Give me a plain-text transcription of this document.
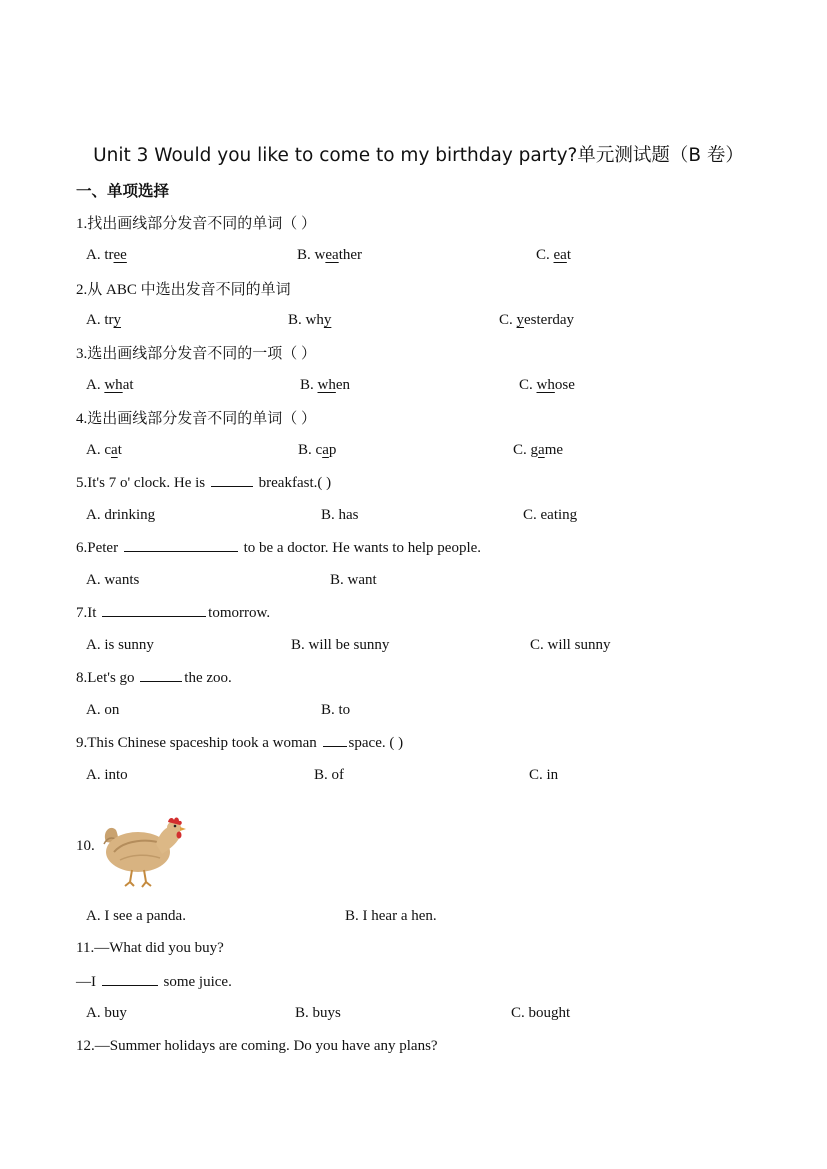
Unit 3 Would you like to come to my birthday party?单元测试题（B 卷）
一、单项选择
1.找出画线部分发音不同的单词（ ）
A. tree	B. weather	C. eat
2.从 ABC 中选出发音不同的单词
A. try	B. why	C. yesterday
3.选出画线部分发音不同的一项（ ）
A. what	B. when	C. whose
4.选出画线部分发音不同的单词（ ）
A. cat	B. cap	C. game
5.It's 7 o' clock. He is	breakfast.( )
A. drinking	B. has	C. eating
6.Peter	to be a doctor. He wants to help people.
A. wants	B. want
7.It	tomorrow.
A. is sunny	B. will be sunny	C. will sunny
8.Let's go	the zoo.
A. on	B. to
9.This Chinese spaceship took a woman space. ( )
A. into	B. of	C. in
10.
A. I see a panda.	B. I hear a hen.
11.—What did you buy?
—I	some juice.
A. buy	B. buys	C. bought
12.—Summer holidays are coming. Do you have any plans?
